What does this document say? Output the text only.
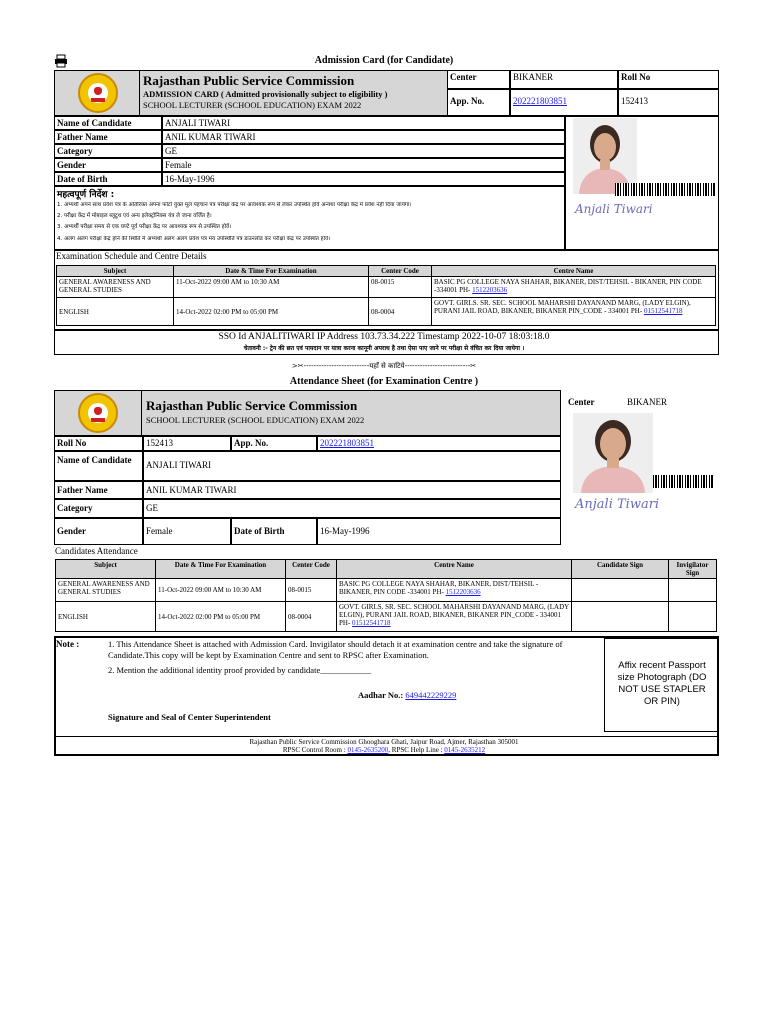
Admission Card (for Candidate)
Rajasthan Public Service Commission
ADMISSION CARD ( Admitted provisionally subject to eligibility )
SCHOOL LECTURER (SCHOOL EDUCATION) EXAM 2022
Center	BIKANER	Roll No
App. No.	202221803851	152413
Name of Candidate	ANJALI TIWARI
Father Name	ANIL KUMAR TIWARI
Category	GE
Gender	Female
Date of Birth	16-May-1996
महत्वपूर्ण निर्देश :
1. अभ्यर्थी अपने साथ प्रवेश पत्र के अतिरिक्त अपना फोटो युक्त मूल पहचान पत्र परीक्षा केंद्र पर आवश्यक रूप से लेकर उपस्थित होवें अन्यथा परीक्षा केंद्र में प्रवेश नहीं दिया जायेगा।
2. परीक्षा केंद्र में मोबाइल ब्लूटूथ एवं अन्य इलेक्ट्रोनिक्स यंत्र ले जाना वर्जित है।
3. अभ्यर्थी परीक्षा समय से एक घण्टे पूर्व परीक्षा केंद्र पर आवश्यक रूप से उपस्थित होवें।
4. अलग अलग परीक्षा केंद्र होने की स्थिति में अभ्यर्थी अलग अलग प्रवेश पत्र मय उपस्थिति पत्र डाउनलोड कर परीक्षा केंद्र पर उपस्थित होवें।
Anjali Tiwari
Examination Schedule and Centre Details
Subject	Date & Time For Examination	Center Code	Centre Name
GENERAL AWARENESS AND GENERAL STUDIES	11-Oct-2022 09:00 AM to 10:30 AM	08-0015	BASIC PG COLLEGE NAYA SHAHAR, BIKANER, DIST/TEHSIL - BIKANER, PIN CODE -334001 PH- 1512203636
ENGLISH	14-Oct-2022 02:00 PM to 05:00 PM	08-0004	GOVT. GIRLS. SR. SEC. SCHOOL MAHARSHI DAYANAND MARG, (LADY ELGIN), PURANI JAIL ROAD, BIKANER, BIKANER PIN_CODE - 334001 PH- 01512541718
SSO Id ANJALITIWARI IP Address 103.73.34.222 Timestamp 2022-10-07 18:03:18.0
चेतावनी :- ट्रेन की छत एवं पायदान पर यात्रा करना कानूनी अपराध है तथा ऐसा पाए जाने पर परीक्षा से वंचित कर दिया जायेगा ।
>✂--------------------------यहाँ से काटिये--------------------------✂
Attendance Sheet (for Examination Centre )
Rajasthan Public Service Commission
SCHOOL LECTURER (SCHOOL EDUCATION) EXAM 2022
Center	BIKANER
Anjali Tiwari
Roll No	152413	App. No.	202221803851
Name of Candidate	ANJALI TIWARI
Father Name	ANIL KUMAR TIWARI
Category	GE
Gender	Female	Date of Birth	16-May-1996
Candidates Attendance
Subject	Date & Time For Examination	Center Code	Centre Name	Candidate Sign	Invigilator Sign
GENERAL AWARENESS AND GENERAL STUDIES	11-Oct-2022 09:00 AM to 10:30 AM	08-0015	BASIC PG COLLEGE NAYA SHAHAR, BIKANER, DIST/TEHSIL - BIKANER, PIN CODE -334001 PH- 1512203636		
ENGLISH	14-Oct-2022 02:00 PM to 05:00 PM	08-0004	GOVT. GIRLS. SR. SEC. SCHOOL MAHARSHI DAYANAND MARG, (LADY ELGIN), PURANI JAIL ROAD, BIKANER, BIKANER PIN_CODE - 334001 PH- 01512541718		
Note :	1. This Attendance Sheet is attached with Admission Card. Invigilator should detach it at examination centre and take the signature of Candidate.This copy will be kept by Examination Centre and sent to RPSC after Examination.
2. Mention the additional identity proof provided by candidate____________
Aadhar No.: 649442229229
Signature and Seal of Center Superintendent
Affix recent Passport size Photograph (DO NOT USE STAPLER OR PIN)
Rajasthan Public Service Commission Ghooghara Ghati, Jaipur Road, Ajmer, Rajasthan 305001
RPSC Control Room : 0145-2635200, RPSC Help Line : 0145-2635212
